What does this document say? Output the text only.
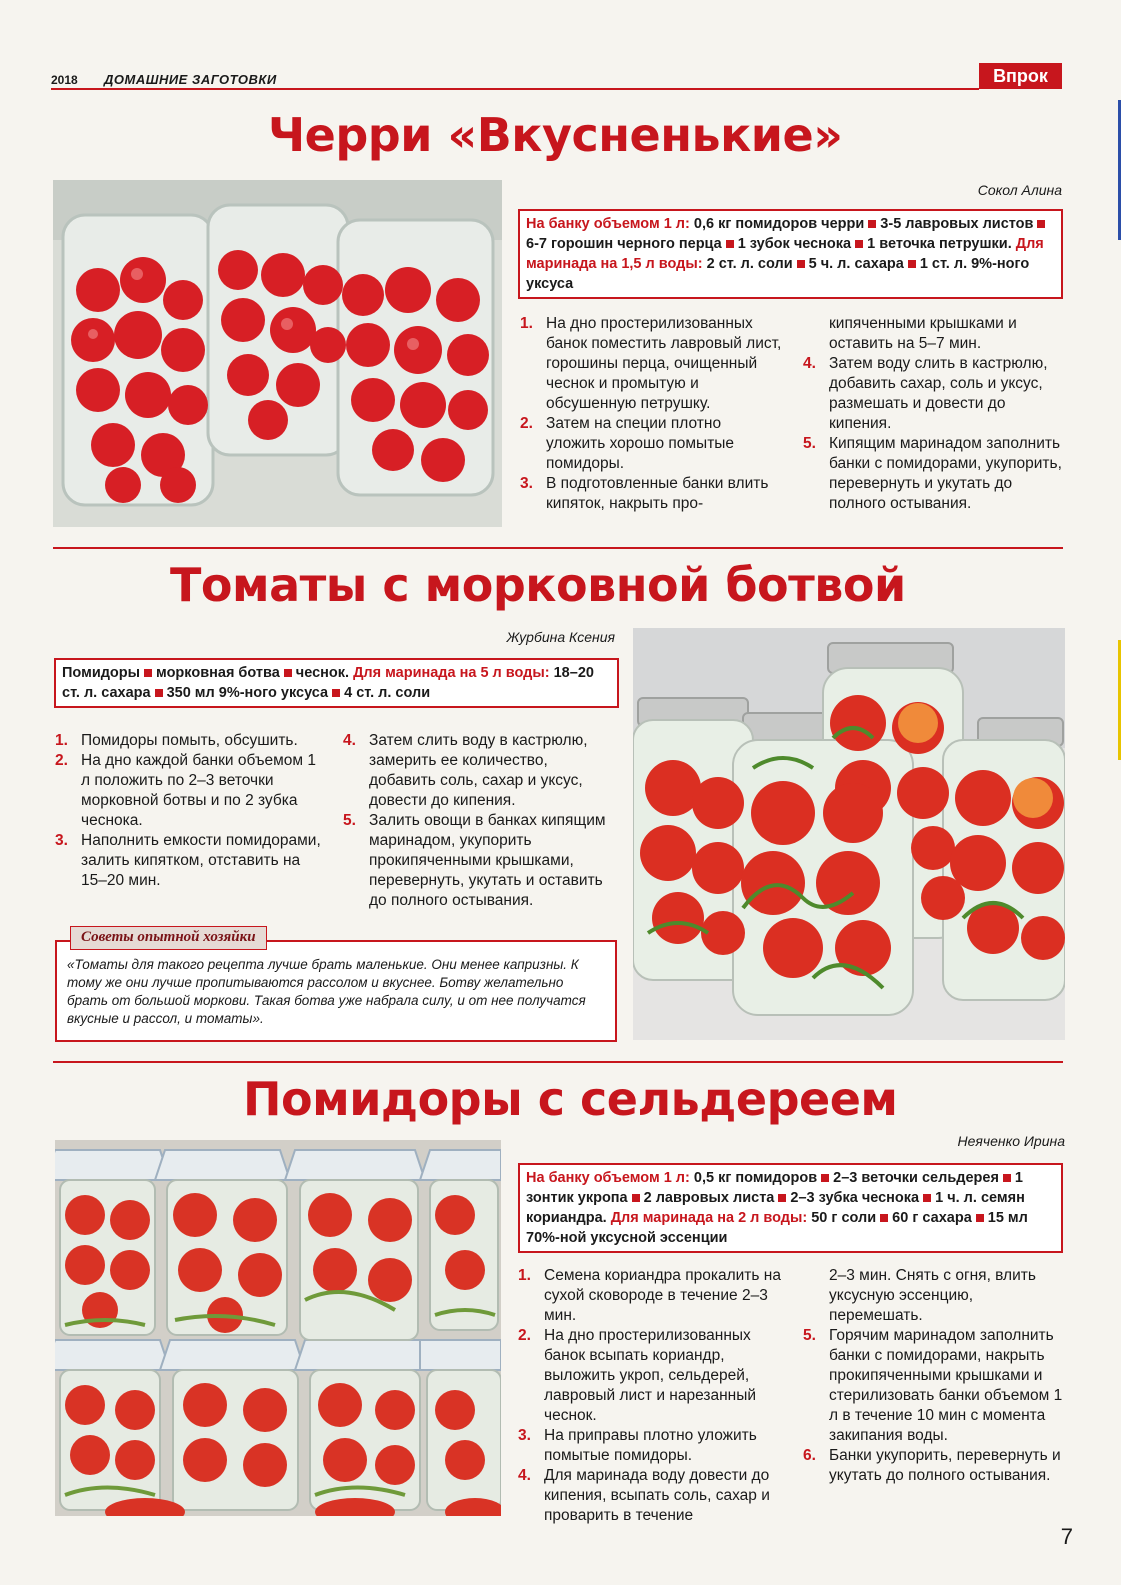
2018 ДОМАШНИЕ ЗАГОТОВКИ	Впрок
Черри «Вкусненькие»
Сокол Алина
На банку объемом 1 л: 0,6 кг помидоров черри 3-5 лавровых листов6-7 горошин черного перца 1 зубок чеснока 1 веточка петрушки. Для маринада на 1,5 л воды: 2 ст. л. соли 5 ч. л. сахара 1 ст. л. 9%-ного уксуса
1. На дно простерилизованных банок поместить лавровый лист, горошины перца, очищенный чеснок и промытую и обсушенную петрушку.
2. Затем на специи плотно уложить хорошо помытые помидоры.
3. В подготовленные банки влить кипяток, накрыть про-
кипяченными крышками и оставить на 5–7 мин.
4. Затем воду слить в кастрюлю, добавить сахар, соль и уксус, размешать и довести до кипения.
5. Кипящим маринадом заполнить банки с помидорами, укупорить, перевернуть и укутать до полного остывания.
Томаты с морковной ботвой
Журбина Ксения
Помидоры морковная ботва чеснок. Для маринада на 5 л воды: 18–20 ст. л. сахара 350 мл 9%-ного уксуса 4 ст. л. соли
1. Помидоры помыть, обсушить.
2. На дно каждой банки объемом 1 л положить по 2–3 веточки морковной ботвы и по 2 зубка чеснока.
3. Наполнить емкости помидорами, залить кипятком, отставить на 15–20 мин.
4. Затем слить воду в кастрюлю, замерить ее количество, добавить соль, сахар и уксус, довести до кипения.
5. Залить овощи в банках кипящим маринадом, укупорить прокипяченными крышками, перевернуть, укутать и оставить до полного остывания.
«Томаты для такого рецепта лучше брать маленькие. Они менее капризны. К тому же они лучше пропитываются рассолом и вкуснее. Ботву желательно брать от большой моркови. Такая ботва уже набрала силу, и от нее получатся вкусные и рассол, и томаты».
Советы опытной хозяйки
Помидоры с сельдереем
Неяченко Ирина
На банку объемом 1 л: 0,5 кг помидоров 2–3 веточки сельдерея 1 зонтик укропа 2 лавровых листа 2–3 зубка чеснока 1 ч. л. семян кориандра. Для маринада на 2 л воды: 50 г соли 60 г сахара 15 мл 70%-ной уксусной эссенции
1. Семена кориандра прокалить на сухой сковороде в течение 2–3 мин.
2. На дно простерилизованных банок всыпать кориандр, выложить укроп, сельдерей, лавровый лист и нарезанный чеснок.
3. На приправы плотно уложить помытые помидоры.
4. Для маринада воду довести до кипения, всыпать соль, сахар и проварить в течение
2–3 мин. Снять с огня, влить уксусную эссенцию, перемешать.
5. Горячим маринадом заполнить банки с помидорами, накрыть прокипяченными крышками и стерилизовать банки объемом 1 л в течение 10 мин с момента закипания воды.
6. Банки укупорить, перевернуть и укутать до полного остывания.
7
